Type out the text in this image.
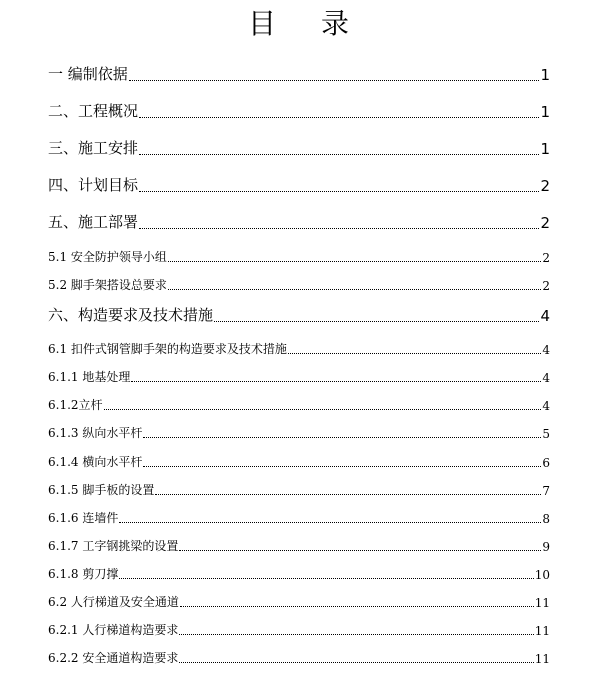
目 录
一 编制依据	1
二、工程概况	1
三、施工安排	1
四、计划目标	2
五、施工部署	2
5.1 安全防护领导小组	2
5.2 脚手架搭设总要求	2
六、构造要求及技术措施	4
6.1 扣件式钢管脚手架的构造要求及技术措施	4
6.1.1 地基处理	4
6.1.2立杆	4
6.1.3 纵向水平杆	5
6.1.4 横向水平杆	6
6.1.5 脚手板的设置	7
6.1.6 连墙件	8
6.1.7 工字钢挑梁的设置	9
6.1.8 剪刀撑	10
6.2 人行梯道及安全通道	11
6.2.1 人行梯道构造要求	11
6.2.2 安全通道构造要求	11
